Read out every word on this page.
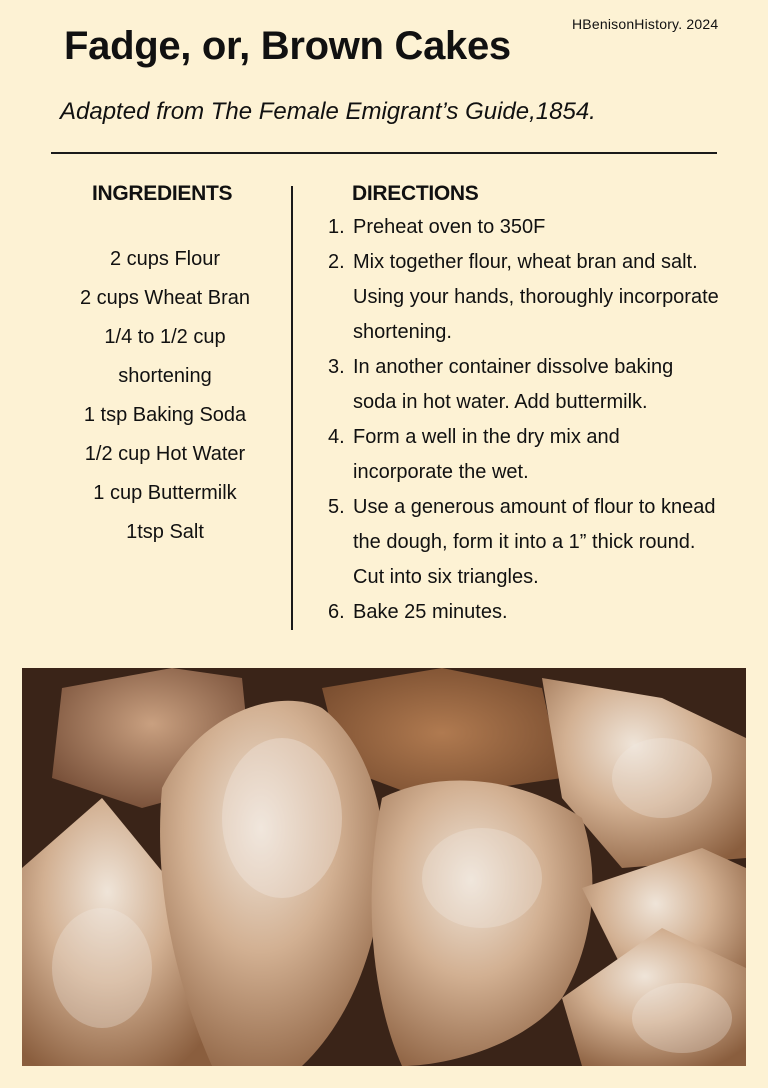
HBenisonHistory. 2024
Fadge, or, Brown Cakes
Adapted from The Female Emigrant’s Guide,1854.
INGREDIENTS
2 cups Flour
2 cups Wheat Bran
1/4 to 1/2 cup
shortening
1 tsp Baking Soda
1/2 cup Hot Water
1 cup Buttermilk
1tsp Salt
DIRECTIONS
1. Preheat oven to 350F
2. Mix together flour, wheat bran and salt.
Using your hands, thoroughly incorporate
shortening.
3. In another container dissolve baking
soda in hot water. Add buttermilk.
4. Form a well in the dry mix and
incorporate the wet.
5. Use a generous amount of flour to knead
the dough, form it into a 1” thick round.
Cut into six triangles.
6. Bake 25 minutes.
